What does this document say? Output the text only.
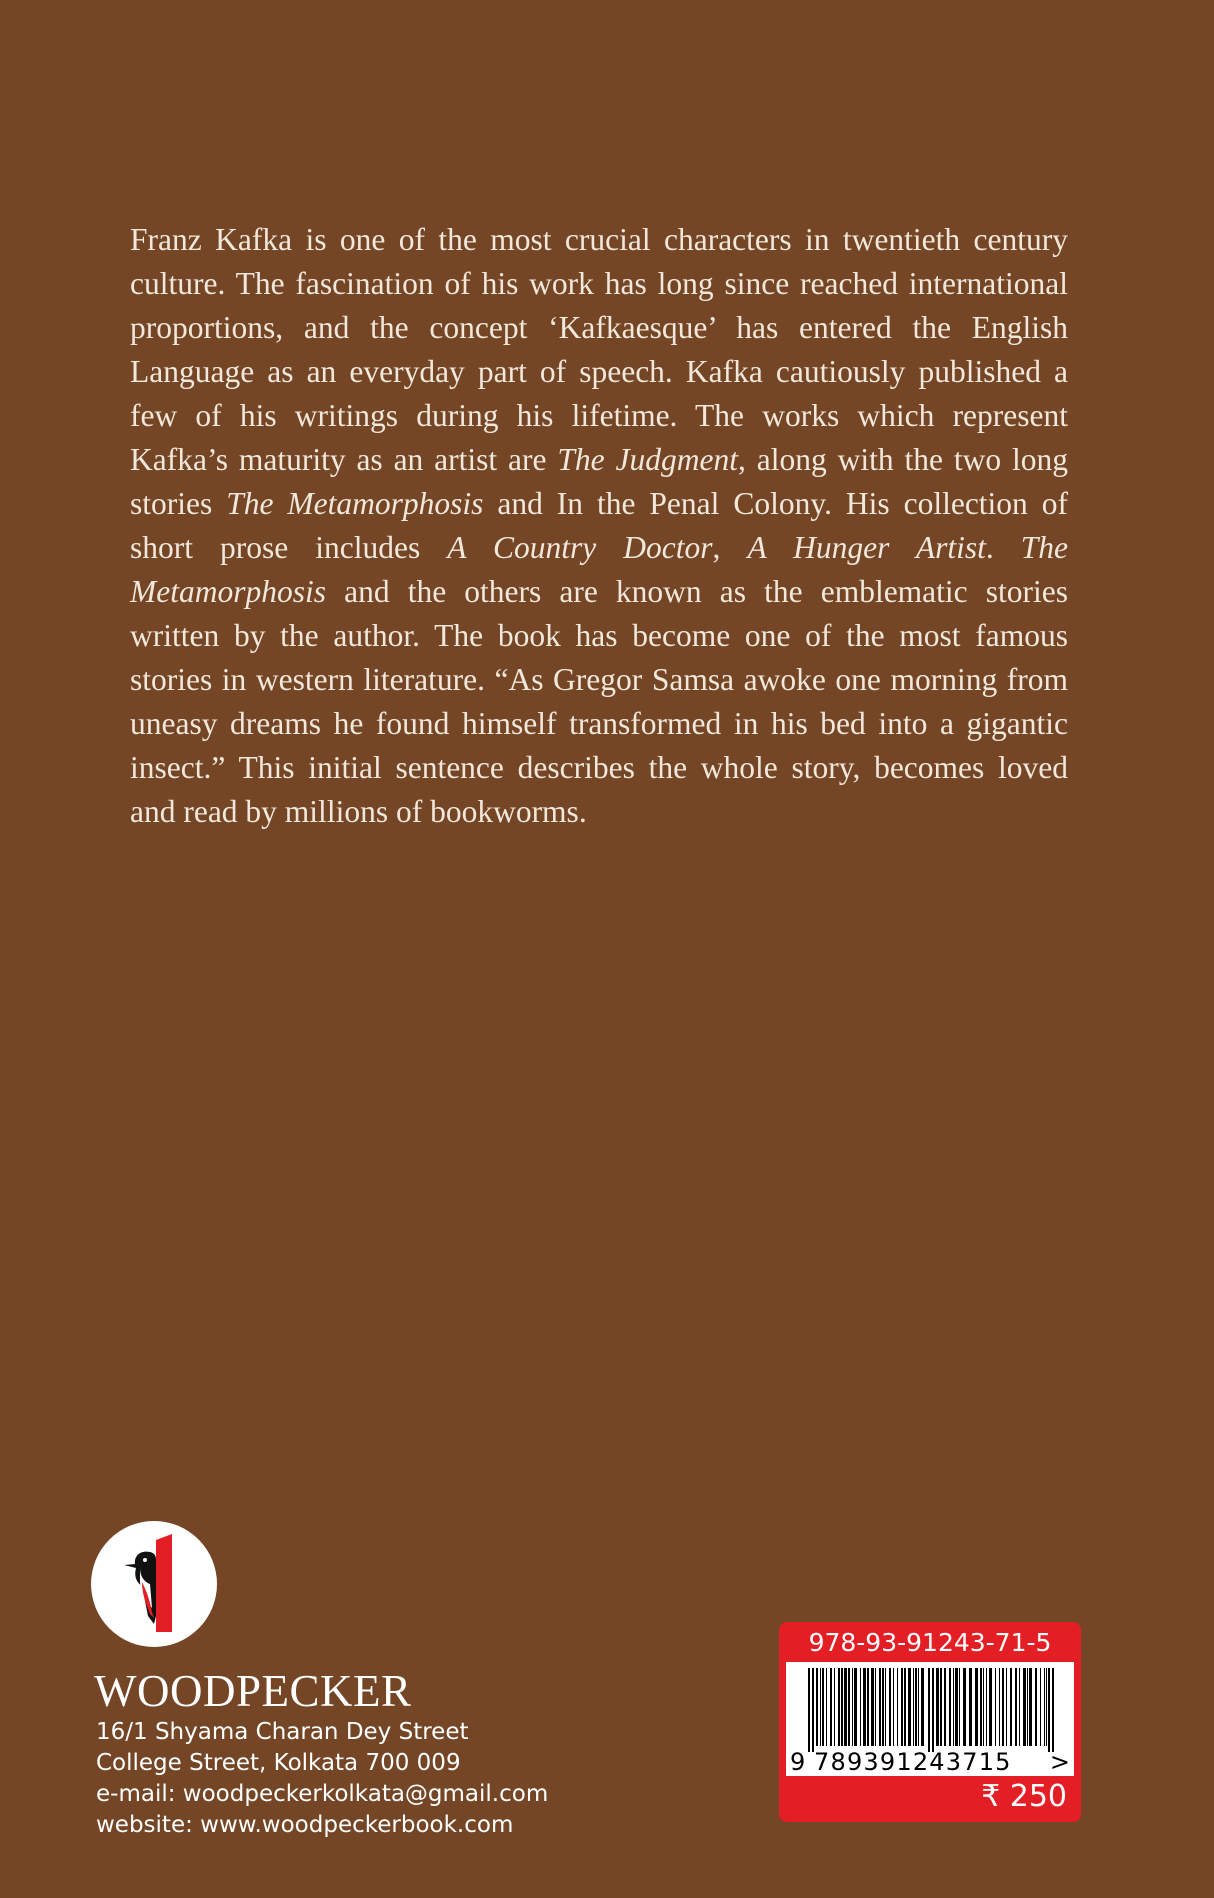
Franz Kafka is one of the most crucial characters in twentieth century culture. The fascination of his work has long since reached international proportions, and the concept ‘Kafkaesque’ has entered the English Language as an everyday part of speech. Kafka cautiously published a few of his writings during his lifetime. The works which represent Kafka’s maturity as an artist are The Judgment, along with the two long stories The Metamorphosis and In the Penal Colony. His collection of short prose includes A Country Doctor, A Hunger Artist. The Metamorphosis and the others are known as the emblematic stories written by the author. The book has become one of the most famous stories in western literature. “As Gregor Samsa awoke one morning from uneasy dreams he found himself transformed in his bed into a gigantic insect.” This initial sentence describes the whole story, becomes loved and read by millions of bookworms.

WOODPECKER
16/1 Shyama Charan Dey Street
College Street, Kolkata 700 009
e-mail: woodpeckerkolkata@gmail.com
website: www.woodpeckerbook.com
978-93-91243-71-5
9 789391243715 >
₹ 250
